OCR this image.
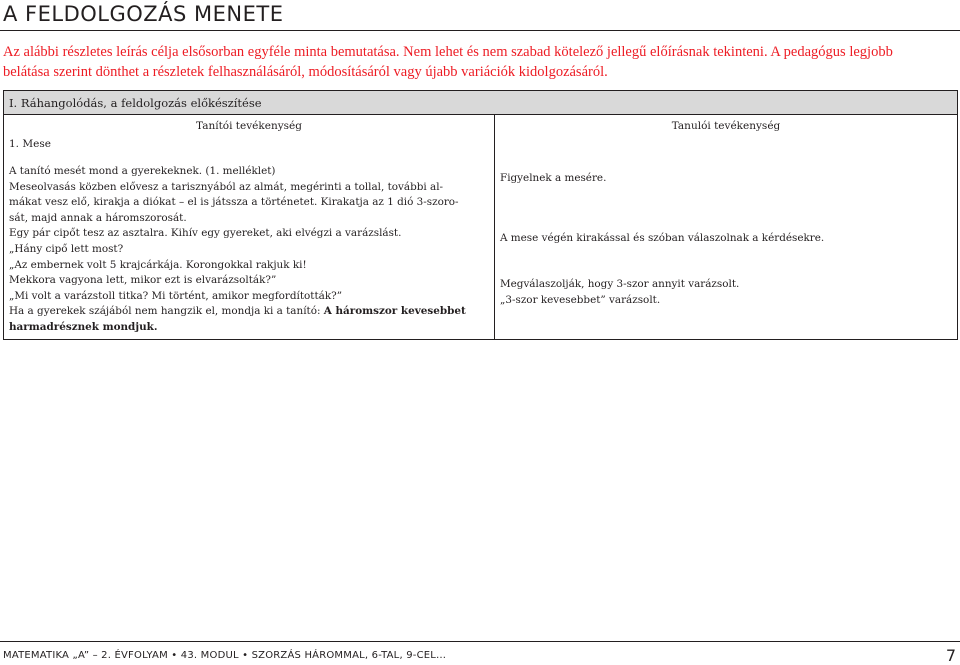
A FELDOLGOZÁS MENETE
Az alábbi részletes leírás célja elsősorban egyféle minta bemutatása. Nem lehet és nem szabad kötelező jellegű előírásnak tekinteni. A pedagógus legjobb
belátása szerint dönthet a részletek felhasználásáról, módosításáról vagy újabb variációk kidolgozásáról.
I. Ráhangolódás, a feldolgozás előkészítése
Tanítói tevékenység	Tanulói tevékenység
1. Mese
A tanító mesét mond a gyerekeknek. (1. melléklet)
Meseolvasás közben elővesz a tarisznyából az almát, megérinti a tollal, további al-
mákat vesz elő, kirakja a diókat – el is játssza a történetet. Kirakatja az 1 dió 3-szoro-
sát, majd annak a háromszorosát.
Egy pár cipőt tesz az asztalra. Kihív egy gyereket, aki elvégzi a varázslást.
„Hány cipő lett most?
„Az embernek volt 5 krajcárkája. Korongokkal rakjuk ki!
Mekkora vagyona lett, mikor ezt is elvarázsolták?”
„Mi volt a varázstoll titka? Mi történt, amikor megfordították?”
Ha a gyerekek szájából nem hangzik el, mondja ki a tanító: A háromszor kevesebbet
harmadrésznek mondjuk.
Figyelnek a mesére.
A mese végén kirakással és szóban válaszolnak a kérdésekre.
Megválaszolják, hogy 3-szor annyit varázsolt.
„3-szor kevesebbet” varázsolt.
MATEMATIKA „A” – 2. ÉVFOLYAM • 43. MODUL • SZORZÁS HÁROMMAL, 6-TAL, 9-CEL…	7
